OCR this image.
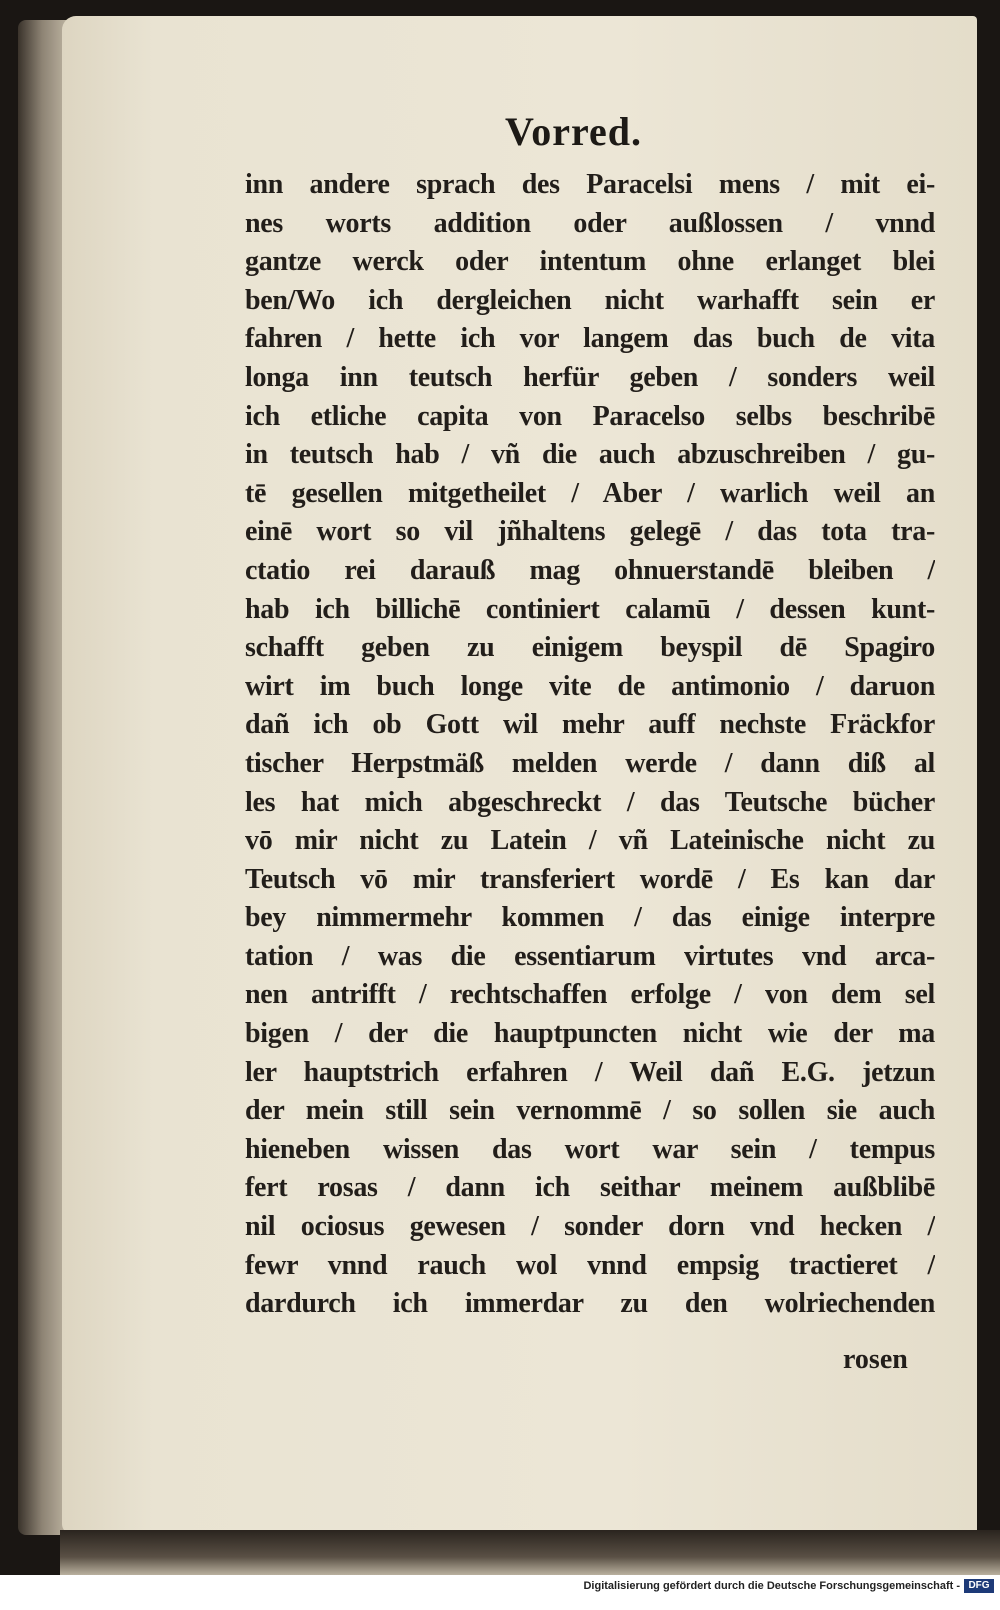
Vorred.
inn andere sprach des Paracelsi mens / mit ei-
nes worts addition oder außlossen / vnnd
gantze werck oder intentum ohne erlanget blei
ben/Wo ich dergleichen nicht warhafft sein er
fahren / hette ich vor langem das buch de vita
longa inn teutsch herfür geben / sonders weil
ich etliche capita von Paracelso selbs beschribē
in teutsch hab / vñ die auch abzuschreiben / gu-
tē gesellen mitgetheilet / Aber / warlich weil an
einē wort so vil jñhaltens gelegē / das tota tra-
ctatio rei darauß mag ohnuerstandē bleiben /
hab ich billichē continiert calamū / dessen kunt-
schafft geben zu einigem beyspil dē Spagiro
wirt im buch longe vite de antimonio / daruon
dañ ich ob Gott wil mehr auff nechste Fräckfor
tischer Herpstmäß melden werde / dann diß al
les hat mich abgeschreckt / das Teutsche bücher
vō mir nicht zu Latein / vñ Lateinische nicht zu
Teutsch vō mir transferiert wordē / Es kan dar
bey nimmermehr kommen / das einige interpre
tation / was die essentiarum virtutes vnd arca-
nen antrifft / rechtschaffen erfolge / von dem sel
bigen / der die hauptpuncten nicht wie der ma
ler hauptstrich erfahren / Weil dañ E.G. jetzun
der mein still sein vernommē / so sollen sie auch
hieneben wissen das wort war sein / tempus
fert rosas / dann ich seithar meinem außblibē
nil ociosus gewesen / sonder dorn vnd hecken /
fewr vnnd rauch wol vnnd empsig tractieret /
dardurch ich immerdar zu den wolriechenden
rosen
Digitalisierung gefördert durch die Deutsche Forschungsgemeinschaft - DFG
